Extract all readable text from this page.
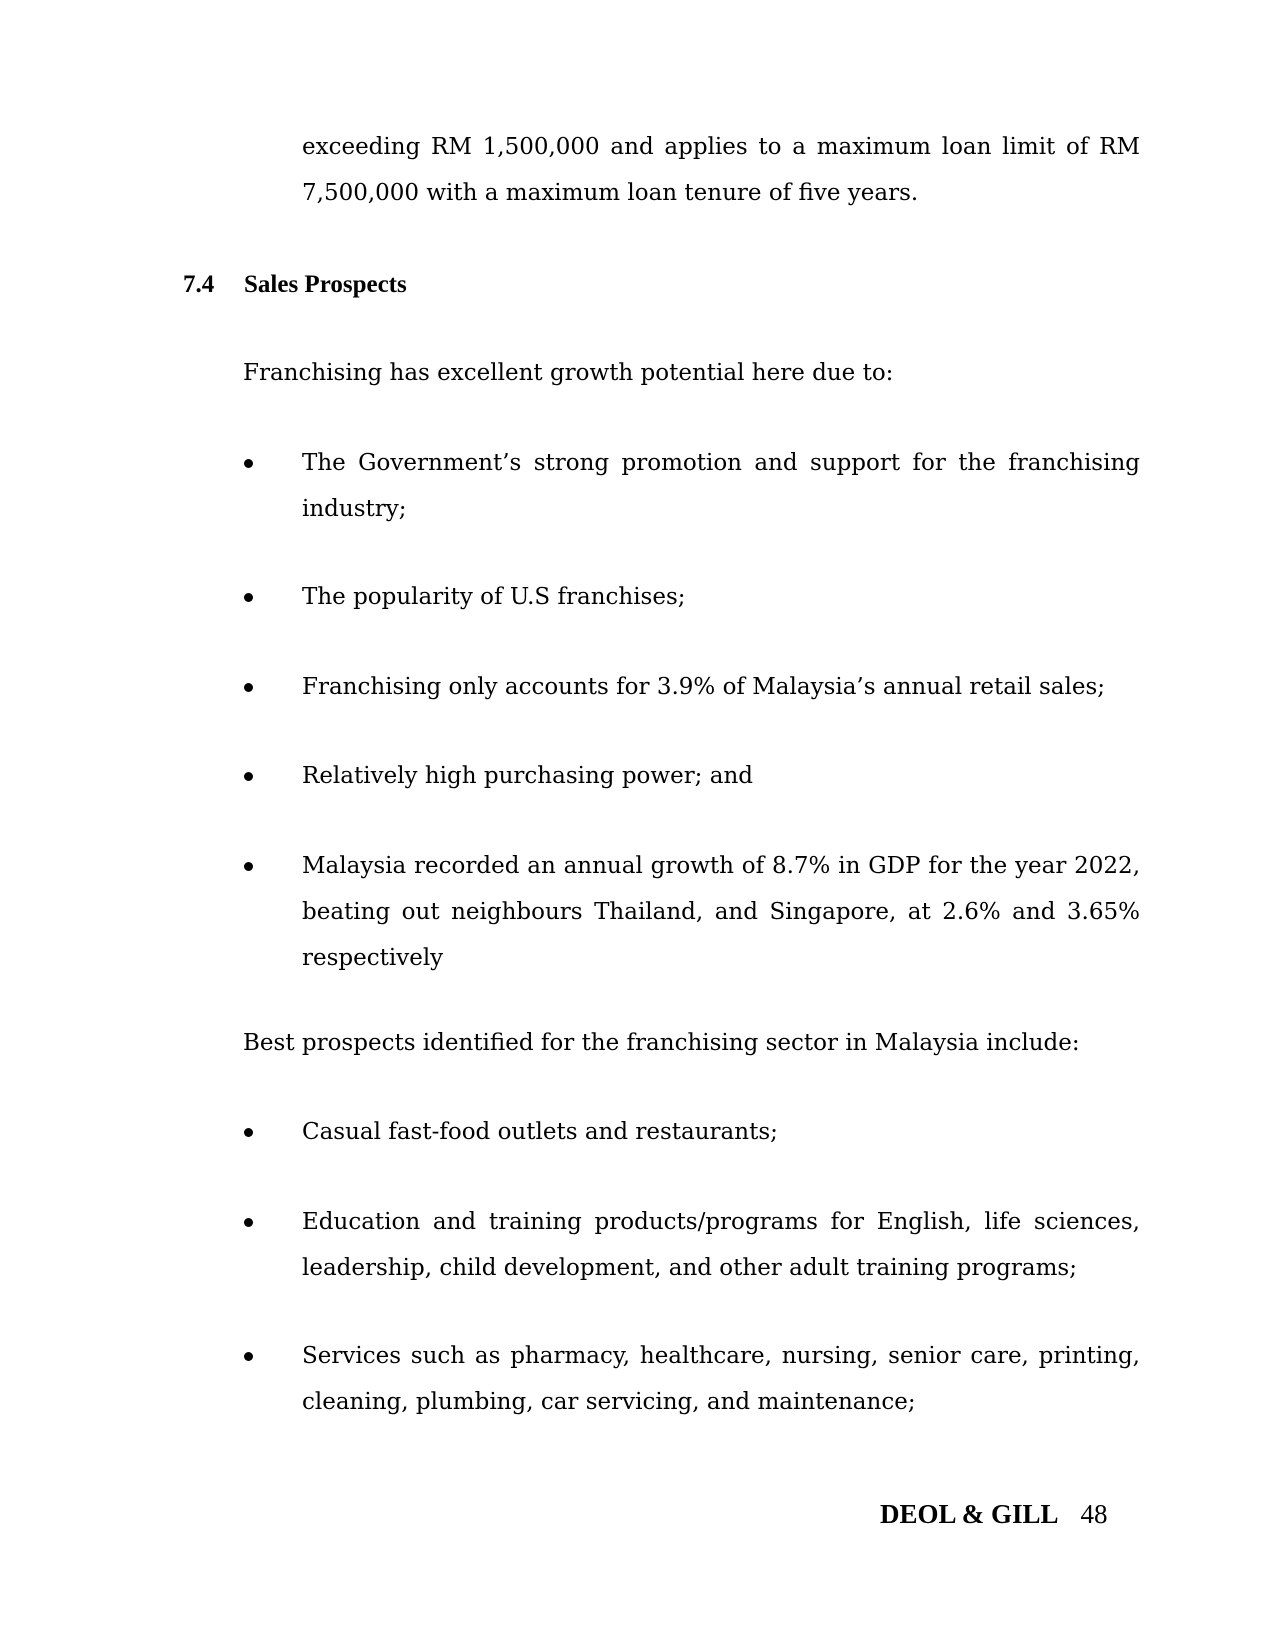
exceeding RM 1,500,000 and applies to a maximum loan limit of RM 7,500,000 with a maximum loan tenure of five years.

7.4 Sales Prospects

Franchising has excellent growth potential here due to:

The Government’s strong promotion and support for the franchising industry;
The popularity of U.S franchises;
Franchising only accounts for 3.9% of Malaysia’s annual retail sales;
Relatively high purchasing power; and
Malaysia recorded an annual growth of 8.7% in GDP for the year 2022, beating out neighbours Thailand, and Singapore, at 2.6% and 3.65% respectively

Best prospects identified for the franchising sector in Malaysia include:

Casual fast-food outlets and restaurants;
Education and training products/programs for English, life sciences, leadership, child development, and other adult training programs;
Services such as pharmacy, healthcare, nursing, senior care, printing, cleaning, plumbing, car servicing, and maintenance;
DEOL & GILL 48
